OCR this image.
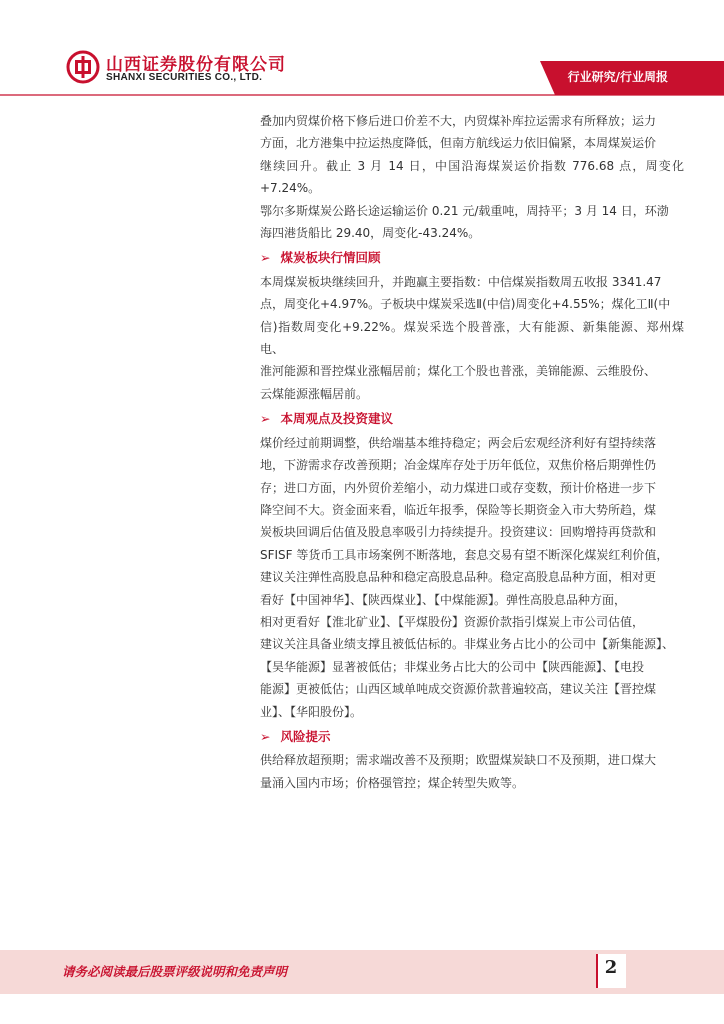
山西证券股份有限公司
SHANXI SECURITIES CO., LTD.	行业研究/行业周报
叠加内贸煤价格下修后进口价差不大，内贸煤补库拉运需求有所释放；运力
方面，北方港集中拉运热度降低，但南方航线运力依旧偏紧，本周煤炭运价
继续回升。截止 3 月 14 日，中国沿海煤炭运价指数 776.68 点，周变化+7.24%。
鄂尔多斯煤炭公路长途运输运价 0.21 元/载重吨，周持平；3 月 14 日，环渤
海四港货船比 29.40，周变化-43.24%。
➢ 煤炭板块行情回顾
本周煤炭板块继续回升，并跑赢主要指数：中信煤炭指数周五收报 3341.47
点，周变化+4.97%。子板块中煤炭采选Ⅱ(中信)周变化+4.55%；煤化工Ⅱ(中
信)指数周变化+9.22%。煤炭采选个股普涨，大有能源、新集能源、郑州煤电、
淮河能源和晋控煤业涨幅居前；煤化工个股也普涨，美锦能源、云维股份、
云煤能源涨幅居前。
➢ 本周观点及投资建议
煤价经过前期调整，供给端基本维持稳定；两会后宏观经济利好有望持续落
地，下游需求存改善预期；冶金煤库存处于历年低位，双焦价格后期弹性仍
存；进口方面，内外贸价差缩小，动力煤进口或存变数，预计价格进一步下
降空间不大。资金面来看，临近年报季，保险等长期资金入市大势所趋，煤
炭板块回调后估值及股息率吸引力持续提升。投资建议：回购增持再贷款和
SFISF 等货币工具市场案例不断落地，套息交易有望不断深化煤炭红利价值，
建议关注弹性高股息品种和稳定高股息品种。稳定高股息品种方面，相对更
看好【中国神华】、【陕西煤业】、【中煤能源】。弹性高股息品种方面，
相对更看好【淮北矿业】、【平煤股份】资源价款指引煤炭上市公司估值，
建议关注具备业绩支撑且被低估标的。非煤业务占比小的公司中【新集能源】、
【昊华能源】显著被低估；非煤业务占比大的公司中【陕西能源】、【电投
能源】更被低估；山西区域单吨成交资源价款普遍较高，建议关注【晋控煤
业】、【华阳股份】。
➢ 风险提示
供给释放超预期；需求端改善不及预期；欧盟煤炭缺口不及预期，进口煤大
量涌入国内市场；价格强管控；煤企转型失败等。
请务必阅读最后股票评级说明和免责声明	2
